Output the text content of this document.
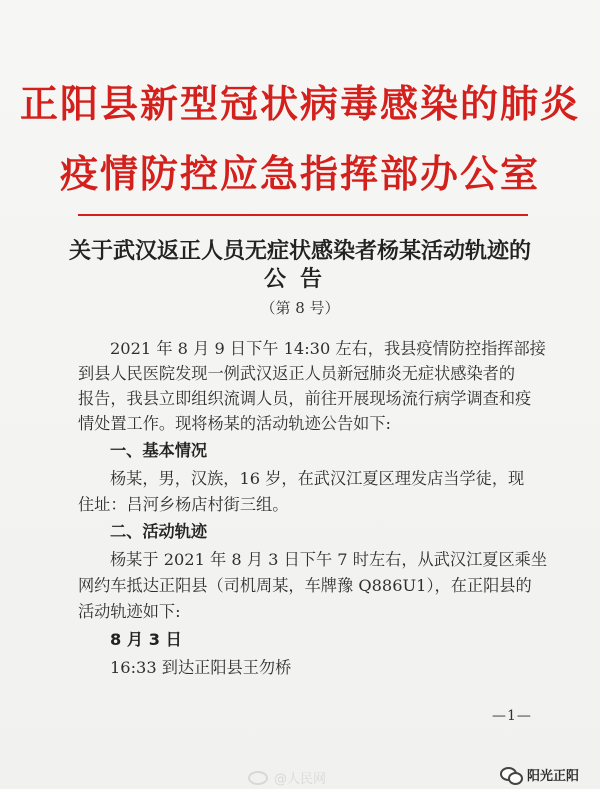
正阳县新型冠状病毒感染的肺炎
疫情防控应急指挥部办公室
关于武汉返正人员无症状感染者杨某活动轨迹的
公告
（第 8 号）
2021 年 8 月 9 日下午 14:30 左右，我县疫情防控指挥部接
到县人民医院发现一例武汉返正人员新冠肺炎无症状感染者的
报告，我县立即组织流调人员，前往开展现场流行病学调查和疫
情处置工作。现将杨某的活动轨迹公告如下:
一、基本情况
杨某，男，汉族，16 岁，在武汉江夏区理发店当学徒，现
住址：吕河乡杨店村街三组。
二、活动轨迹
杨某于 2021 年 8 月 3 日下午 7 时左右，从武汉江夏区乘坐
网约车抵达正阳县（司机周某，车牌豫 Q886U1），在正阳县的
活动轨迹如下:
8 月 3 日
16:33 到达正阳县王勿桥
—1—
@人民网	阳光正阳
